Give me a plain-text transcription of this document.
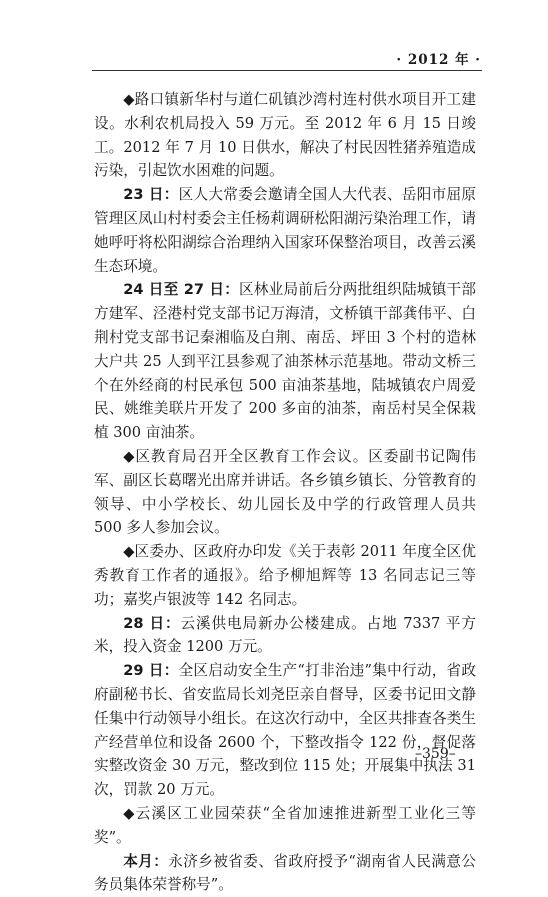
· 2012 年 ·

◆路口镇新华村与道仁矶镇沙湾村连村供水项目开工建设。水利农机局投入 59 万元。至 2012 年 6 月 15 日竣工。2012 年 7 月 10 日供水，解决了村民因牲猪养殖造成污染，引起饮水困难的问题。

23 日：区人大常委会邀请全国人大代表、岳阳市屈原管理区凤山村村委会主任杨莉调研松阳湖污染治理工作，请她呼吁将松阳湖综合治理纳入国家环保整治项目，改善云溪生态环境。

24 日至 27 日：区林业局前后分两批组织陆城镇干部方建军、泾港村党支部书记万海清，文桥镇干部龚伟平、白荆村党支部书记秦湘临及白荆、南岳、坪田 3 个村的造林大户共 25 人到平江县参观了油茶林示范基地。带动文桥三个在外经商的村民承包 500 亩油茶基地，陆城镇农户周爱民、姚维美联片开发了 200 多亩的油茶，南岳村吴全保栽植 300 亩油茶。

◆区教育局召开全区教育工作会议。区委副书记陶伟军、副区长葛曙光出席并讲话。各乡镇乡镇长、分管教育的领导、中小学校长、幼儿园长及中学的行政管理人员共 500 多人参加会议。

◆区委办、区政府办印发《关于表彰 2011 年度全区优秀教育工作者的通报》。给予柳旭辉等 13 名同志记三等功；嘉奖卢银波等 142 名同志。

28 日：云溪供电局新办公楼建成。占地 7337 平方米，投入资金 1200 万元。

29 日：全区启动安全生产“打非治违”集中行动，省政府副秘书长、省安监局长刘尧臣亲自督导，区委书记田文静任集中行动领导小组长。在这次行动中，全区共排查各类生产经营单位和设备 2600 个，下整改指令 122 份，督促落实整改资金 30 万元，整改到位 115 处；开展集中执法 31 次，罚款 20 万元。

◆云溪区工业园荣获“全省加速推进新型工业化三等奖”。

本月：永济乡被省委、省政府授予“湖南省人民满意公务员集体荣誉称号”。

–359–
